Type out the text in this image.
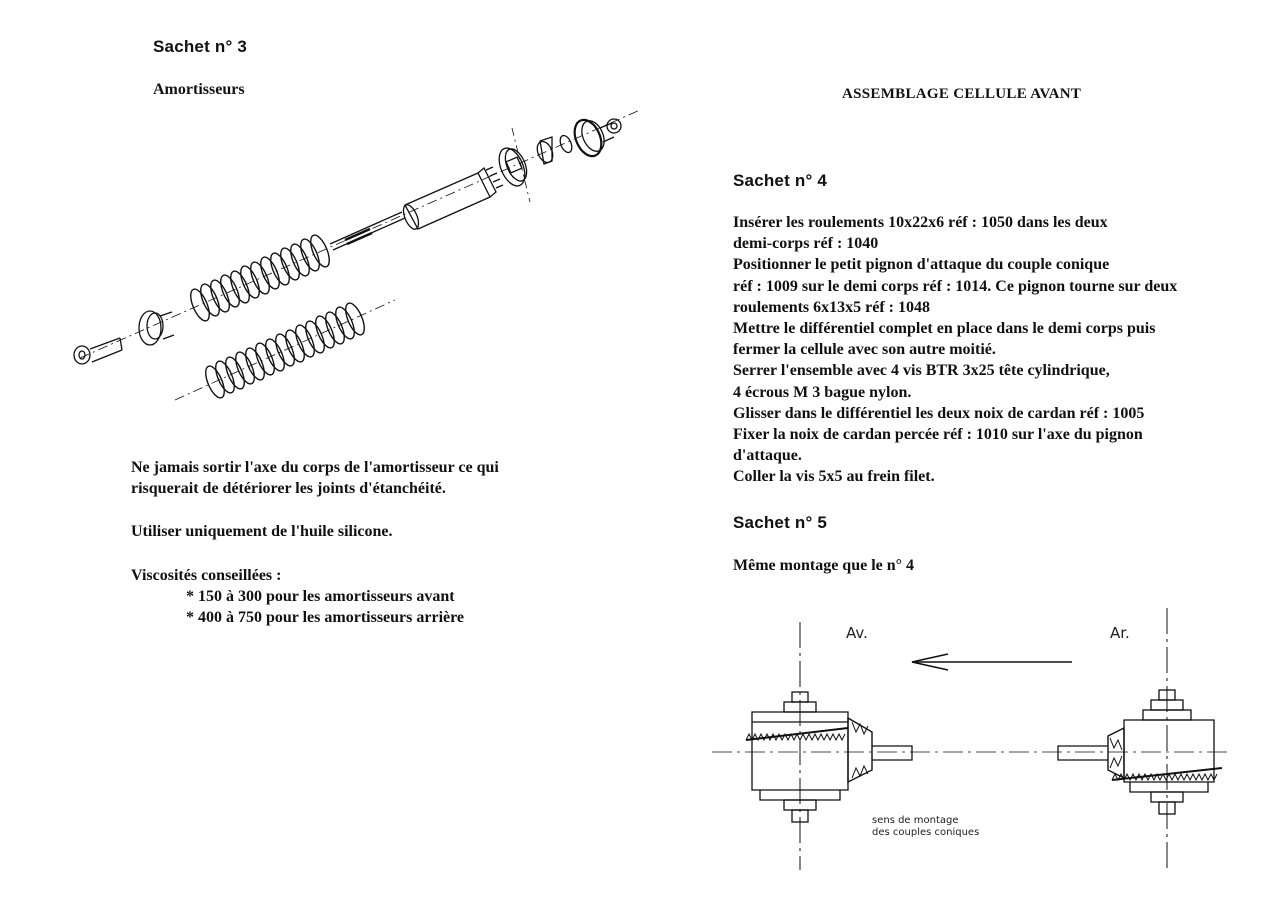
Sachet n° 3
Amortisseurs
Ne jamais sortir l'axe du corps de l'amortisseur ce qui
risquerait de détériorer les joints d'étanchéité.
Utiliser uniquement de l'huile silicone.
Viscosités conseillées :
* 150 à 300 pour les amortisseurs avant
* 400 à 750 pour les amortisseurs arrière
ASSEMBLAGE CELLULE AVANT
Sachet n° 4
Insérer les roulements 10x22x6 réf : 1050 dans les deux
demi-corps réf : 1040
Positionner le petit pignon d'attaque du couple conique
réf : 1009 sur le demi corps réf : 1014. Ce pignon tourne sur deux
roulements 6x13x5 réf : 1048
Mettre le différentiel complet en place dans le demi corps puis
fermer la cellule avec son autre moitié.
Serrer l'ensemble avec 4 vis BTR 3x25 tête cylindrique,
4 écrous M 3 bague nylon.
Glisser dans le différentiel les deux noix de cardan réf : 1005
Fixer la noix de cardan percée réf : 1010 sur l'axe du pignon
d'attaque.
Coller la vis 5x5 au frein filet.
Sachet n° 5
Même montage que le n° 4
Av.	Ar.
sens de montage
des couples coniques
